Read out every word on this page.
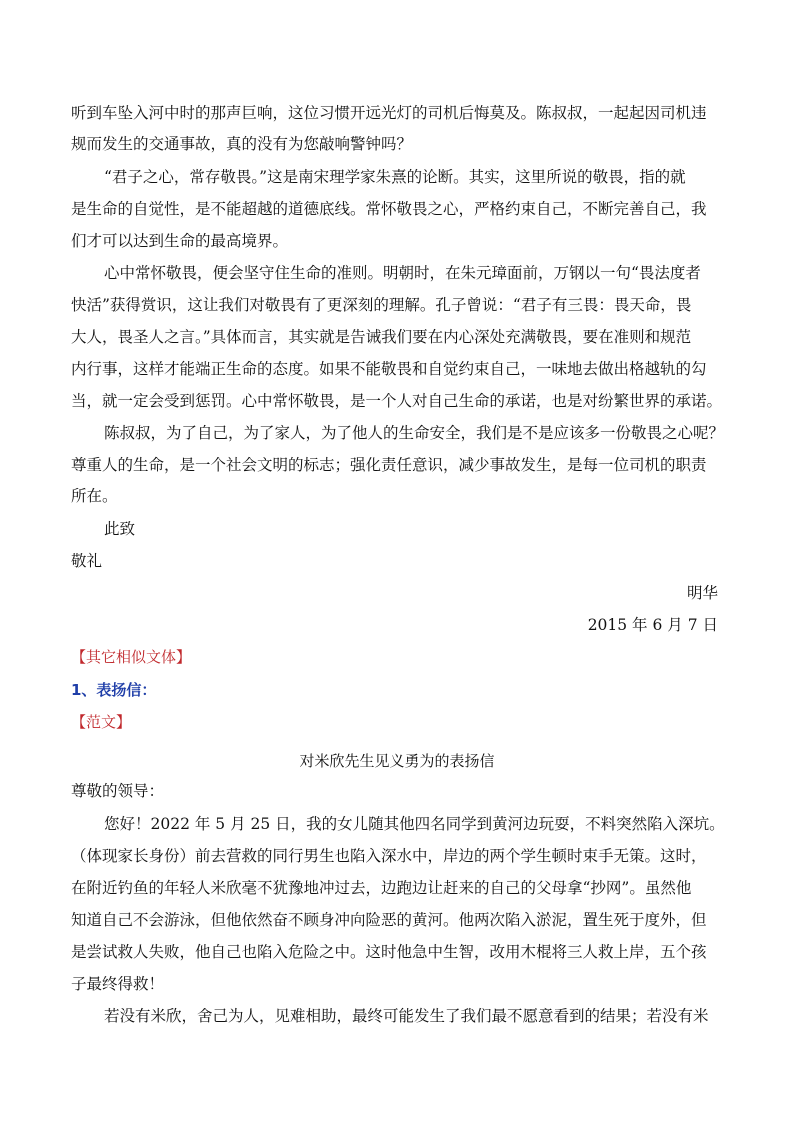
听到车坠入河中时的那声巨响，这位习惯开远光灯的司机后悔莫及。陈叔叔，一起起因司机违
规而发生的交通事故，真的没有为您敲响警钟吗？
“君子之心，常存敬畏。”这是南宋理学家朱熹的论断。其实，这里所说的敬畏，指的就
是生命的自觉性，是不能超越的道德底线。常怀敬畏之心，严格约束自己，不断完善自己，我
们才可以达到生命的最高境界。
心中常怀敬畏，便会坚守住生命的准则。明朝时，在朱元璋面前，万钢以一句“畏法度者
快活”获得赏识，这让我们对敬畏有了更深刻的理解。孔子曾说：“君子有三畏：畏天命，畏
大人，畏圣人之言。”具体而言，其实就是告诫我们要在内心深处充满敬畏，要在准则和规范
内行事，这样才能端正生命的态度。如果不能敬畏和自觉约束自己，一味地去做出格越轨的勾
当，就一定会受到惩罚。心中常怀敬畏，是一个人对自己生命的承诺，也是对纷繁世界的承诺。
陈叔叔，为了自己，为了家人，为了他人的生命安全，我们是不是应该多一份敬畏之心呢？
尊重人的生命，是一个社会文明的标志；强化责任意识，减少事故发生，是每一位司机的职责
所在。
此致
敬礼
明华
2015 年 6 月 7 日
【其它相似文体】
1、表扬信：
【范文】
对米欣先生见义勇为的表扬信
尊敬的领导：
您好！2022 年 5 月 25 日，我的女儿随其他四名同学到黄河边玩耍，不料突然陷入深坑。
（体现家长身份）前去营救的同行男生也陷入深水中，岸边的两个学生顿时束手无策。这时，
在附近钓鱼的年轻人米欣毫不犹豫地冲过去，边跑边让赶来的自己的父母拿“抄网”。虽然他
知道自己不会游泳，但他依然奋不顾身冲向险恶的黄河。他两次陷入淤泥，置生死于度外，但
是尝试救人失败，他自己也陷入危险之中。这时他急中生智，改用木棍将三人救上岸，五个孩
子最终得救！
若没有米欣，舍己为人，见难相助，最终可能发生了我们最不愿意看到的结果；若没有米
